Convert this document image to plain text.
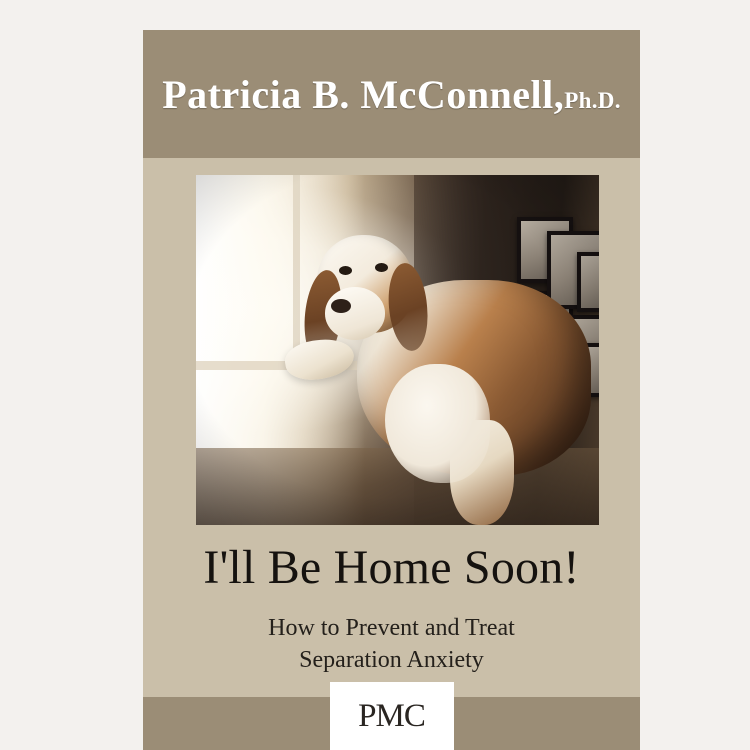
Patricia B. McConnell,Ph.D.
I'll Be Home Soon!

How to Prevent and Treat

Separation Anxiety

PMC
